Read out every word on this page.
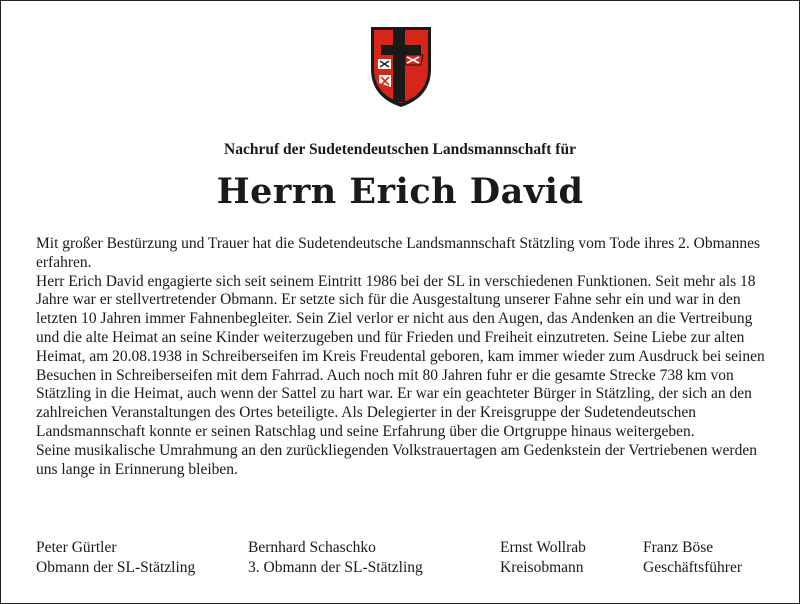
Nachruf der Sudetendeutschen Landsmannschaft für
Herrn Erich David

Mit großer Bestürzung und Trauer hat die Sudetendeutsche Landsmannschaft Stätzling vom Tode ihres 2. Obmannes erfahren.

Herr Erich David engagierte sich seit seinem Eintritt 1986 bei der SL in verschiedenen Funktionen. Seit mehr als 18 Jahre war er stellvertretender Obmann. Er setzte sich für die Ausgestaltung unserer Fahne sehr ein und war in den letzten 10 Jahren immer Fahnenbegleiter. Sein Ziel verlor er nicht aus den Augen, das Andenken an die Vertreibung und die alte Heimat an seine Kinder weiterzugeben und für Frieden und Freiheit einzutreten. Seine Liebe zur alten Heimat, am 20.08.1938 in Schreiberseifen im Kreis Freudental geboren, kam immer wieder zum Ausdruck bei seinen Besuchen in Schreiberseifen mit dem Fahrrad. Auch noch mit 80 Jahren fuhr er die gesamte Strecke 738 km von Stätzling in die Heimat, auch wenn der Sattel zu hart war. Er war ein geachteter Bürger in Stätzling, der sich an den zahlreichen Veranstaltungen des Ortes beteiligte. Als Delegierter in der Kreisgruppe der Sudetendeutschen Landsmannschaft konnte er seinen Ratschlag und seine Erfahrung über die Ortgruppe hinaus weitergeben.

Seine musikalische Umrahmung an den zurückliegenden Volkstrauertagen am Gedenkstein der Vertriebenen werden uns lange in Erinnerung bleiben.

Peter Gürtler
Obmann der SL-Stätzling
Bernhard Schaschko
3. Obmann der SL-Stätzling
Ernst Wollrab
Kreisobmann
Franz Böse
Geschäftsführer
